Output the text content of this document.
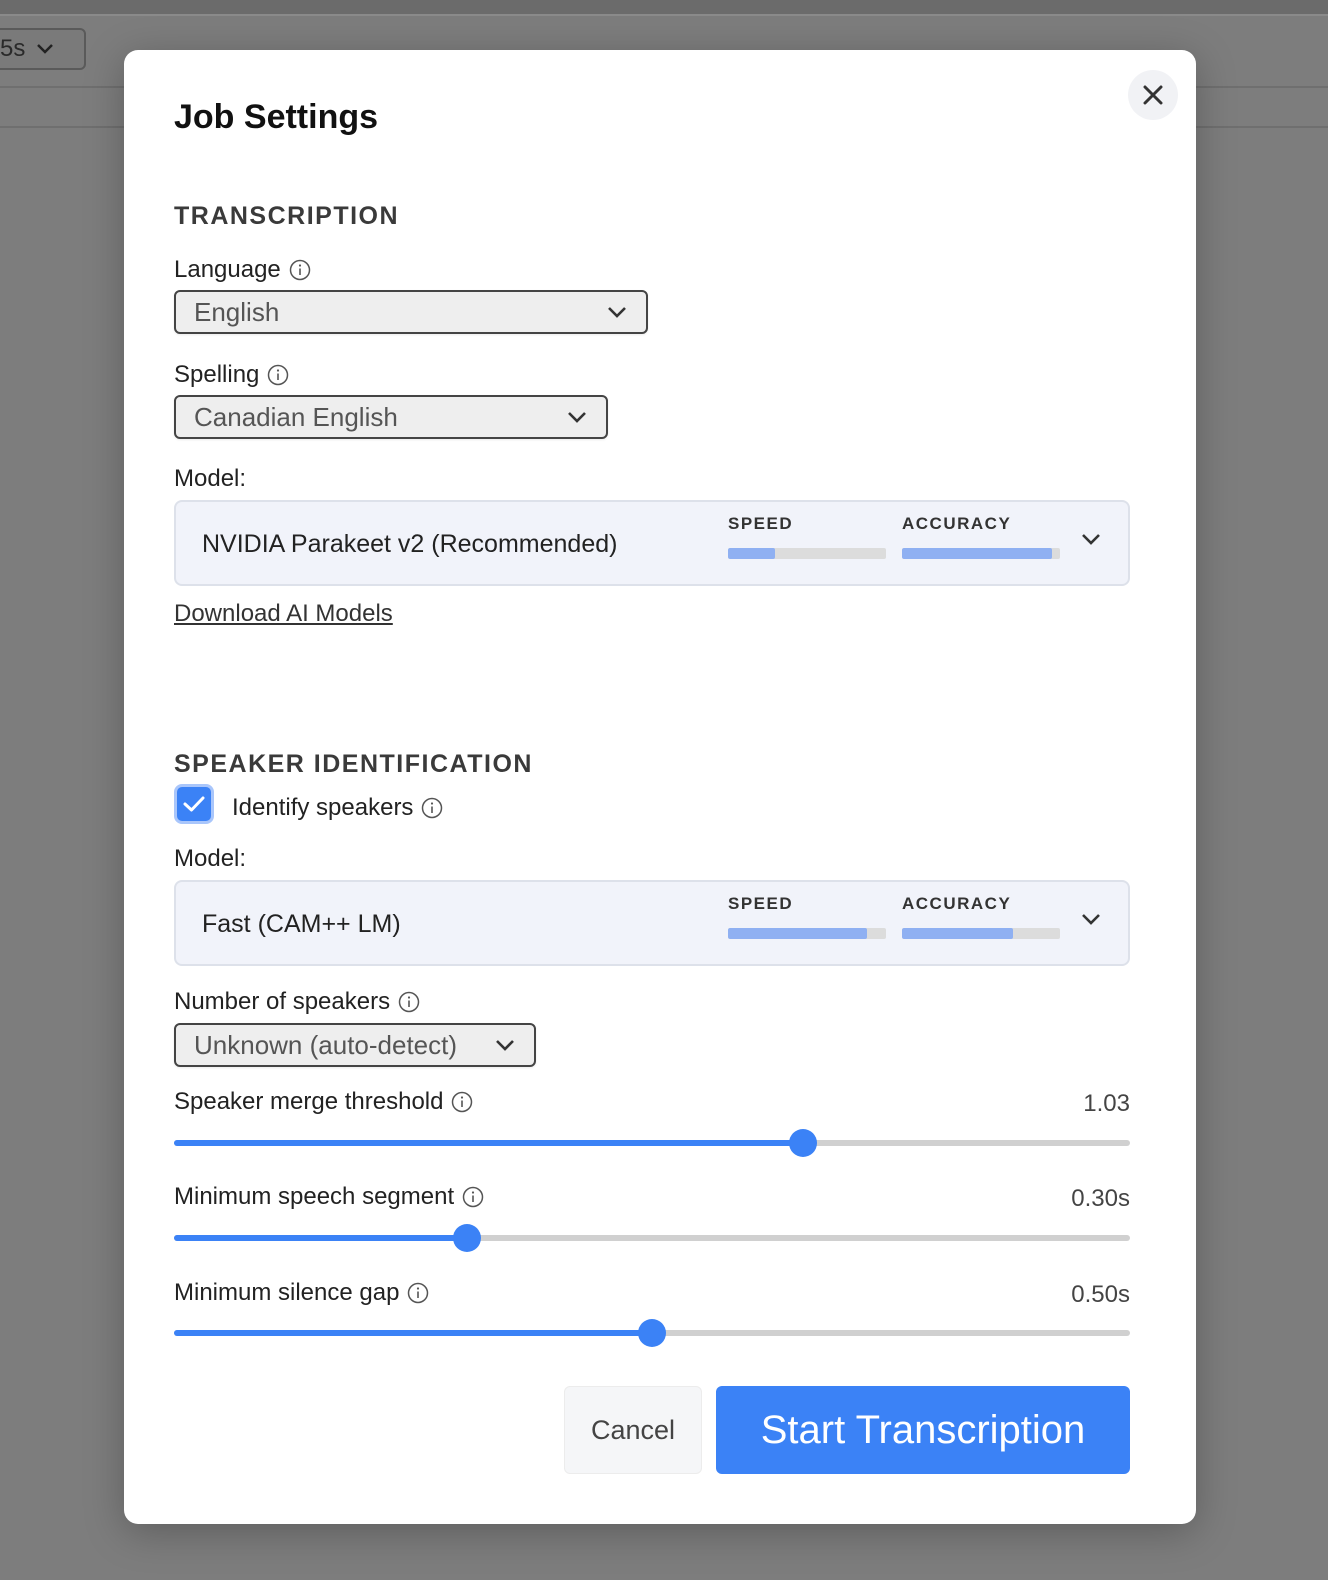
5s
Job Settings
TRANSCRIPTION
Language
English
Spelling
Canadian English
Model:
NVIDIA Parakeet v2 (Recommended)
SPEED	ACCURACY
Download AI Models
SPEAKER IDENTIFICATION
Identify speakers
Model:
Fast (CAM++ LM)
SPEED	ACCURACY
Number of speakers
Unknown (auto-detect)
Speaker merge threshold	1.03
Minimum speech segment	0.30s
Minimum silence gap	0.50s
Cancel	Start Transcription
